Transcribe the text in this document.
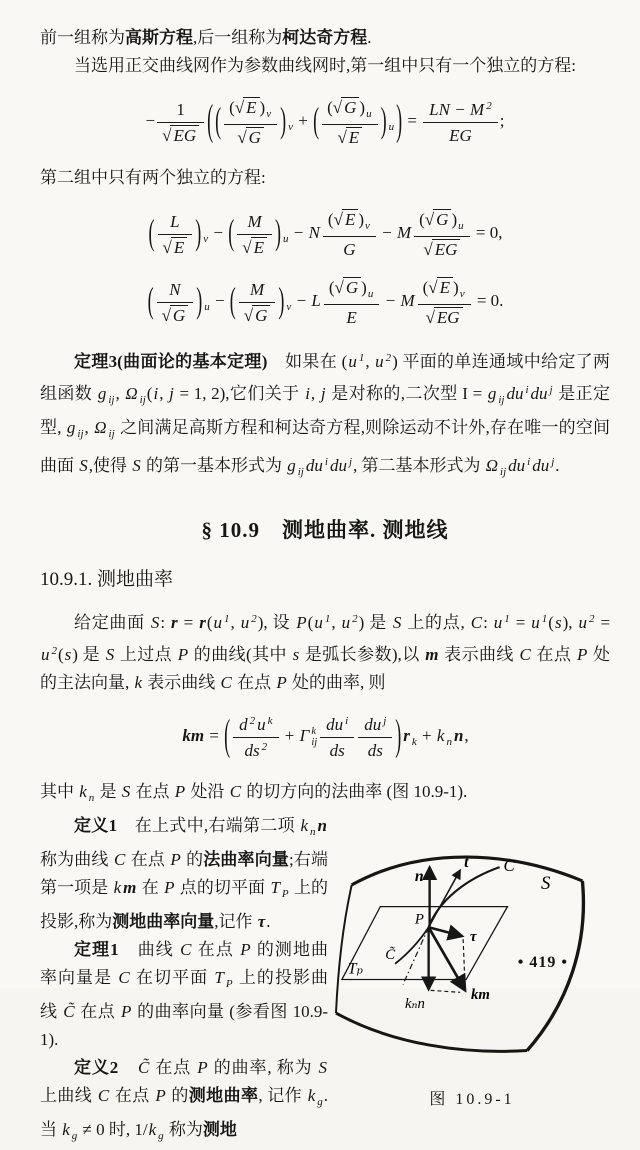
前一组称为高斯方程,后一组称为柯达奇方程.

当选用正交曲线网作为参数曲线网时,第一组中只有一个独立的方程:

− $\frac{1}{√ EG}$ ( ( $\frac{(√ E )_v}{√ G}$ ) $_v$ + ( $\frac{(√ G )_u}{√ E}$ ) $_u$ ) = $\frac{LN - M ^2}{EG}$ ;

第二组中只有两个独立的方程:

( $\frac{L}{√ E}$ ) $_v$ − ( $\frac{M}{√ E}$ ) $_u$ − N $\frac{(√ E )_v}{G} - M \frac{(√ G )_u}{√ EG} = 0$,
( $\frac{N}{√ G}$ ) $_u$ − ( $\frac{M}{√ G}$ ) $_v$ − L $\frac{(√ G )_u}{E} - M \frac{(√ E )_v}{√ EG} = 0$.

定理3(曲面论的基本定理)　如果在 (u $^1$, u $^2$) 平面的单连通域中给定了两组函数 g $_{ij}$, Ω $_{ij}$(i, j = 1, 2),它们关于 i, j 是对称的,二次型 I = g $_{ij}$ du $^i$ du $^j$ 是正定型, g $_{ij}$, Ω $_{ij}$ 之间满足高斯方程和柯达奇方程,则除运动不计外,存在唯一的空间曲面 S,使得 S 的第一基本形式为 g $_{ij}$ du $^i$ du $^j$, 第二基本形式为 Ω $_{ij}$ du $^i$ du $^j$.

§ 10.9　测地曲率. 测地线
10.9.1. 测地曲率

给定曲面 S: r = r(u $^1$, u $^2$), 设 P(u $^1$, u $^2$) 是 S 上的点, C: u $^1$ = u $^1$(s), u $^2$ = u $^2$(s) 是 S 上过点 P 的曲线(其中 s 是弧长参数),以 m 表示曲线 C 在点 P 处的主法向量, k 表示曲线 C 在点 P 处的曲率, 则

km = ( $\frac{d ^2 u ^k}{ds ^2} + \Gamma$ k
ij
du $^i$
ds
du $^j$
ds ) r $_k$ + k $_n$ n,

其中 k $_n$ 是 S 在点 P 处沿 C 的切方向的法曲率 (图 10.9-1).

n
t C
S
P
C̃
τ
km
kₙn
Tₚ
图 10.9-1

定义1　在上式中,右端第二项 k $_n$ n 称为曲线 C 在点 P 的法曲率向量;右端第一项是 k m 在 P 点的切平面 T $_P$ 上的投影,称为测地曲率向量,记作 τ.

定理1　曲线 C 在点 P 的测地曲率向量是 C 在切平面 T $_P$ 上的投影曲线 C̃ 在点 P 的曲率向量 (参看图 10.9-1).

定义2　 C̃ 在点 P 的曲率, 称为 S 上曲线 C 在点 P 的测地曲率, 记作 k $_g$. 当 k $_g$ ≠ 0 时, 1/k $_g$ 称为测地

• 419 •
